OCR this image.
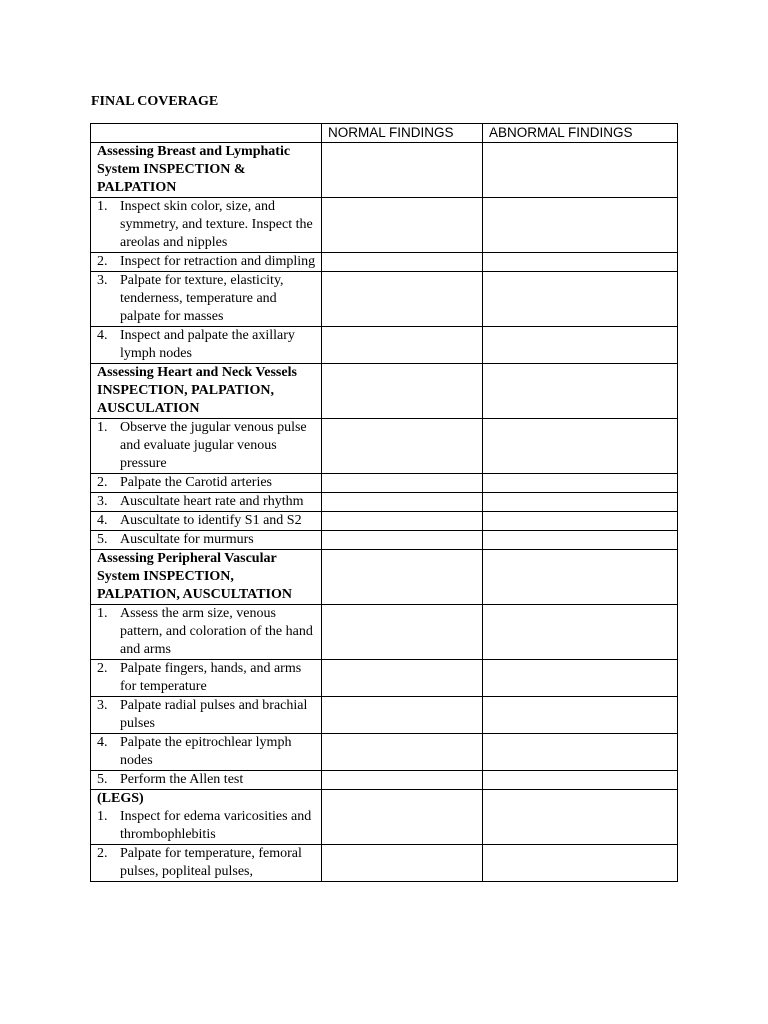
FINAL COVERAGE
	NORMAL FINDINGS	ABNORMAL FINDINGS

Assessing Breast and Lymphatic System INSPECTION & PALPATION		

1. Inspect skin color, size, and symmetry, and texture. Inspect the areolas and nipples		

2. Inspect for retraction and dimpling		

3. Palpate for texture, elasticity, tenderness, temperature and palpate for masses		

4. Inspect and palpate the axillary lymph nodes		

Assessing Heart and Neck Vessels INSPECTION, PALPATION, AUSCULATION		

1. Observe the jugular venous pulse and evaluate jugular venous pressure		

2. Palpate the Carotid arteries		

3. Auscultate heart rate and rhythm		

4. Auscultate to identify S1 and S2		

5. Auscultate for murmurs		

Assessing Peripheral Vascular System INSPECTION, PALPATION, AUSCULTATION		

1. Assess the arm size, venous pattern, and coloration of the hand and arms		

2. Palpate fingers, hands, and arms for temperature		

3. Palpate radial pulses and brachial pulses		

4. Palpate the epitrochlear lymph nodes		

5. Perform the Allen test		

(LEGS)
1. Inspect for edema varicosities and thrombophlebitis		

2. Palpate for temperature, femoral pulses, popliteal pulses,		
